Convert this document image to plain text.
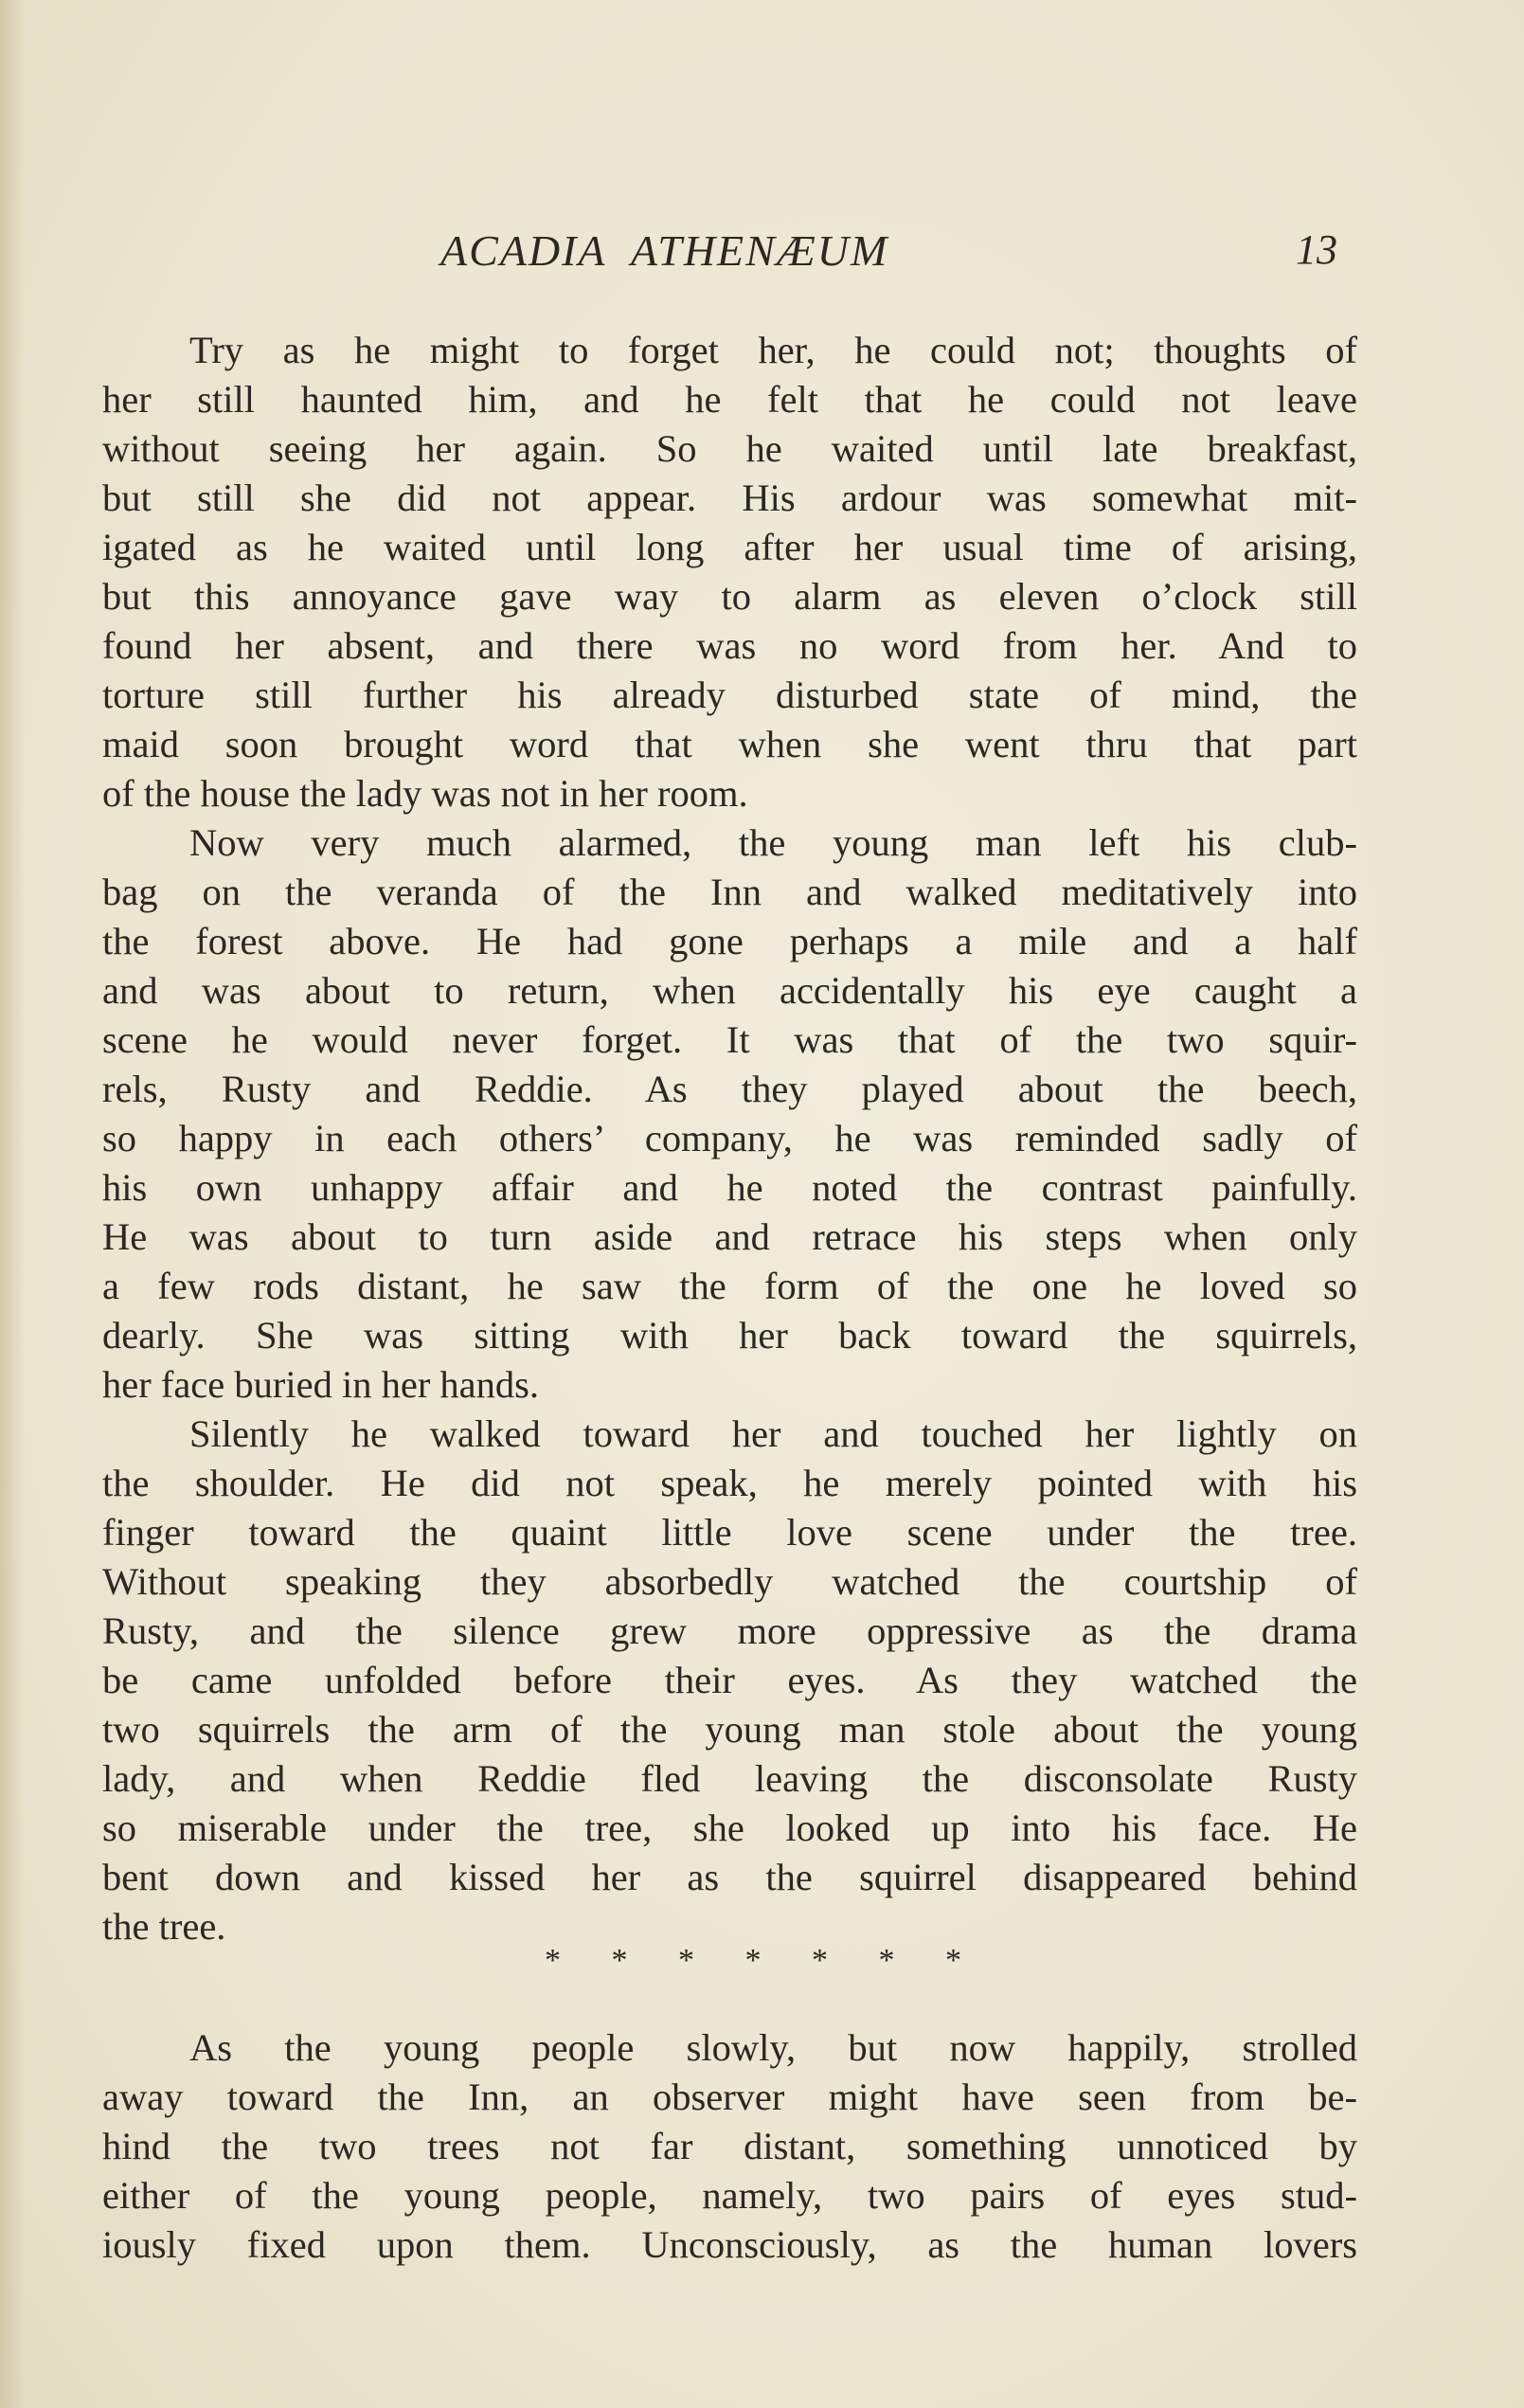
ACADIA  ATHENÆUM	13
Try as he might to forget her, he could not; thoughts of
her still haunted him, and he felt that he could not leave
without seeing her again. So he waited until late breakfast,
but still she did not appear. His ardour was somewhat mit-
igated as he waited until long after her usual time of arising,
but this annoyance gave way to alarm as eleven o’clock still
found her absent, and there was no word from her. And to
torture still further his already disturbed state of mind, the
maid soon brought word that when she went thru that part
of the house the lady was not in her room.
Now very much alarmed, the young man left his club-
bag on the veranda of the Inn and walked meditatively into
the forest above. He had gone perhaps a mile and a half
and was about to return, when accidentally his eye caught a
scene he would never forget. It was that of the two squir-
rels, Rusty and Reddie. As they played about the beech,
so happy in each others’ company, he was reminded sadly of
his own unhappy affair and he noted the contrast painfully.
He was about to turn aside and retrace his steps when only
a few rods distant, he saw the form of the one he loved so
dearly. She was sitting with her back toward the squirrels,
her face buried in her hands.
Silently he walked toward her and touched her lightly on
the shoulder. He did not speak, he merely pointed with his
finger toward the quaint little love scene under the tree.
Without speaking they absorbedly watched the courtship of
Rusty, and the silence grew more oppressive as the drama
be came unfolded before their eyes. As they watched the
two squirrels the arm of the young man stole about the young
lady, and when Reddie fled leaving the disconsolate Rusty
so miserable under the tree, she looked up into his face. He
bent down and kissed her as the squirrel disappeared behind
the tree.
* * * * * * *
As the young people slowly, but now happily, strolled
away toward the Inn, an observer might have seen from be-
hind the two trees not far distant, something unnoticed by
either of the young people, namely, two pairs of eyes stud-
iously fixed upon them. Unconsciously, as the human lovers
